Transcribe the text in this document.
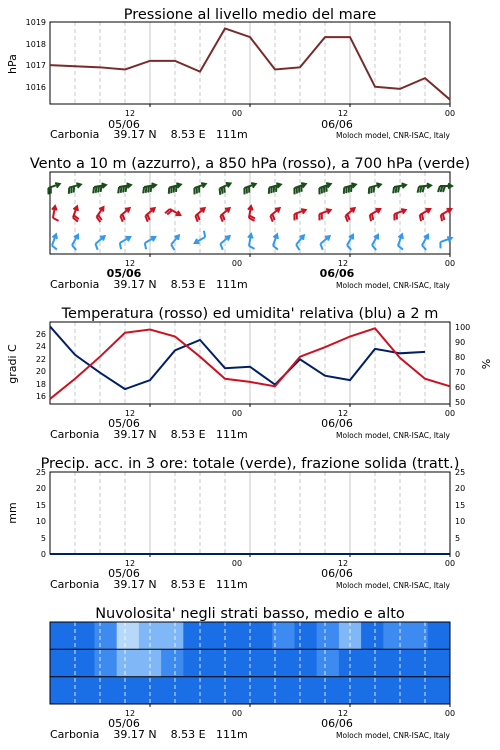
Pressione al livello medio del mare
hPa
1019
1018
1017
1016
12	00	12	00
05/06	06/06
Carbonia    39.17 N    8.53 E   111m	Moloch model, CNR-ISAC, Italy
Vento a 10 m (azzurro), a 850 hPa (rosso), a 700 hPa (verde)
12	00	12	00
05/06	06/06
Carbonia    39.17 N    8.53 E   111m	Moloch model, CNR-ISAC, Italy
Temperatura (rosso) ed umidita' relativa (blu) a 2 m
gradi C	%
26
24
22
20
18
16
100
90
80
70
60
50
12	00	12	00
05/06	06/06
Carbonia    39.17 N    8.53 E   111m	Moloch model, CNR-ISAC, Italy
Precip. acc. in 3 ore: totale (verde), frazione solida (tratt.)
mm
25
20
15
10
5
0
25
20
15
10
5
0
12	00	12	00
05/06	06/06
Carbonia    39.17 N    8.53 E   111m	Moloch model, CNR-ISAC, Italy
Nuvolosita' negli strati basso, medio e alto
12	00	12	00
05/06	06/06
Carbonia    39.17 N    8.53 E   111m	Moloch model, CNR-ISAC, Italy
